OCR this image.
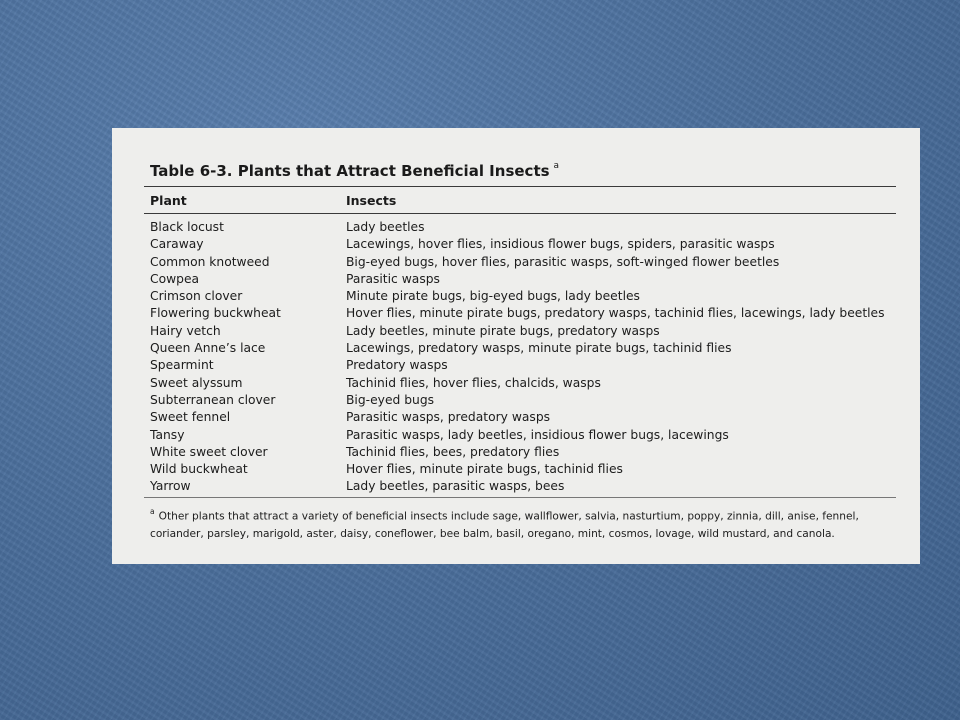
Table 6-3. Plants that Attract Beneficial Insects $^a$
Plant	Insects
Black locust	Lady beetles
Caraway	Lacewings, hover flies, insidious flower bugs, spiders, parasitic wasps
Common knotweed	Big-eyed bugs, hover flies, parasitic wasps, soft-winged flower beetles
Cowpea	Parasitic wasps
Crimson clover	Minute pirate bugs, big-eyed bugs, lady beetles
Flowering buckwheat	Hover flies, minute pirate bugs, predatory wasps, tachinid flies, lacewings, lady beetles
Hairy vetch	Lady beetles, minute pirate bugs, predatory wasps
Queen Anne’s lace	Lacewings, predatory wasps, minute pirate bugs, tachinid flies
Spearmint	Predatory wasps
Sweet alyssum	Tachinid flies, hover flies, chalcids, wasps
Subterranean clover	Big-eyed bugs
Sweet fennel	Parasitic wasps, predatory wasps
Tansy	Parasitic wasps, lady beetles, insidious flower bugs, lacewings
White sweet clover	Tachinid flies, bees, predatory flies
Wild buckwheat	Hover flies, minute pirate bugs, tachinid flies
Yarrow	Lady beetles, parasitic wasps, bees
$^a$ Other plants that attract a variety of beneficial insects include sage, wallflower, salvia, nasturtium, poppy, zinnia, dill, anise, fennel,
coriander, parsley, marigold, aster, daisy, coneflower, bee balm, basil, oregano, mint, cosmos, lovage, wild mustard, and canola.
